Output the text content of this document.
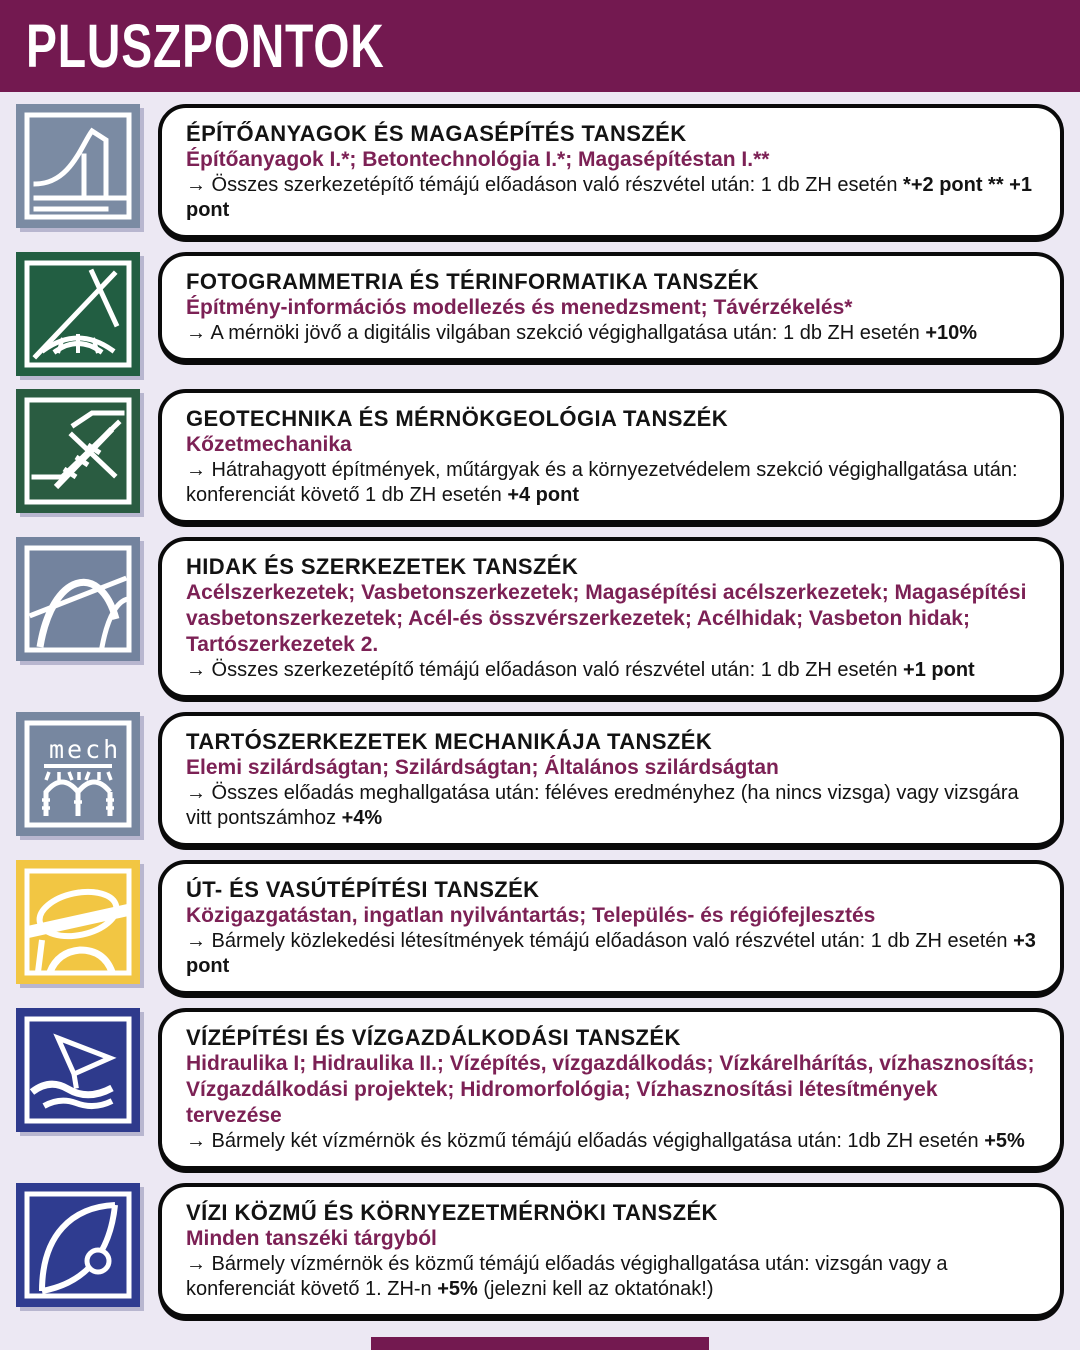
PLUSZPONTOK
ÉPÍTŐANYAGOK ÉS MAGASÉPÍTÉS TANSZÉK
Építőanyagok I.*; Betontechnológia I.*; Magasépítéstan I.**
→ Összes szerkezetépítő témájú előadáson való részvétel után: 1 db ZH esetén *+2 pont ** +1 pont
FOTOGRAMMETRIA ÉS TÉRINFORMATIKA TANSZÉK
Építmény-információs modellezés és menedzsment; Távérzékelés*
→ A mérnöki jövő a digitális vilgában szekció végighallgatása után: 1 db ZH esetén +10%
GEOTECHNIKA ÉS MÉRNÖKGEOLÓGIA TANSZÉK
Kőzetmechanika
→ Hátrahagyott építmények, műtárgyak és a környezetvédelem szekció végighallgatása után: konferenciát követő 1 db ZH esetén +4 pont
HIDAK ÉS SZERKEZETEK TANSZÉK
Acélszerkezetek; Vasbetonszerkezetek; Magasépítési acélszerkezetek; Magasépítési vasbetonszerkezetek; Acél-és összvérszerkezetek; Acélhidak; Vasbeton hidak; Tartószerkezetek 2.
→ Összes szerkezetépítő témájú előadáson való részvétel után: 1 db ZH esetén +1 pont
mech	TARTÓSZERKEZETEK MECHANIKÁJA TANSZÉK
Elemi szilárdságtan; Szilárdságtan; Általános szilárdságtan
→ Összes előadás meghallgatása után: féléves eredményhez (ha nincs vizsga) vagy vizsgára vitt pontszámhoz +4%
ÚT- ÉS VASÚTÉPÍTÉSI TANSZÉK
Közigazgatástan, ingatlan nyilvántartás; Település- és régiófejlesztés
→ Bármely közlekedési létesítmények témájú előadáson való részvétel után: 1 db ZH esetén +3 pont
VÍZÉPÍTÉSI ÉS VÍZGAZDÁLKODÁSI TANSZÉK
Hidraulika I; Hidraulika II.; Vízépítés, vízgazdálkodás; Vízkárelhárítás, vízhasznosítás; Vízgazdálkodási projektek; Hidromorfológia; Vízhasznosítási létesítmények tervezése
→ Bármely két vízmérnök és közmű témájú előadás végighallgatása után: 1db ZH esetén +5%
VÍZI KÖZMŰ ÉS KÖRNYEZETMÉRNÖKI TANSZÉK
Minden tanszéki tárgyból
→ Bármely vízmérnök és közmű témájú előadás végighallgatása után: vizsgán vagy a konferenciát követő 1. ZH-n +5% (jelezni kell az oktatónak!)
